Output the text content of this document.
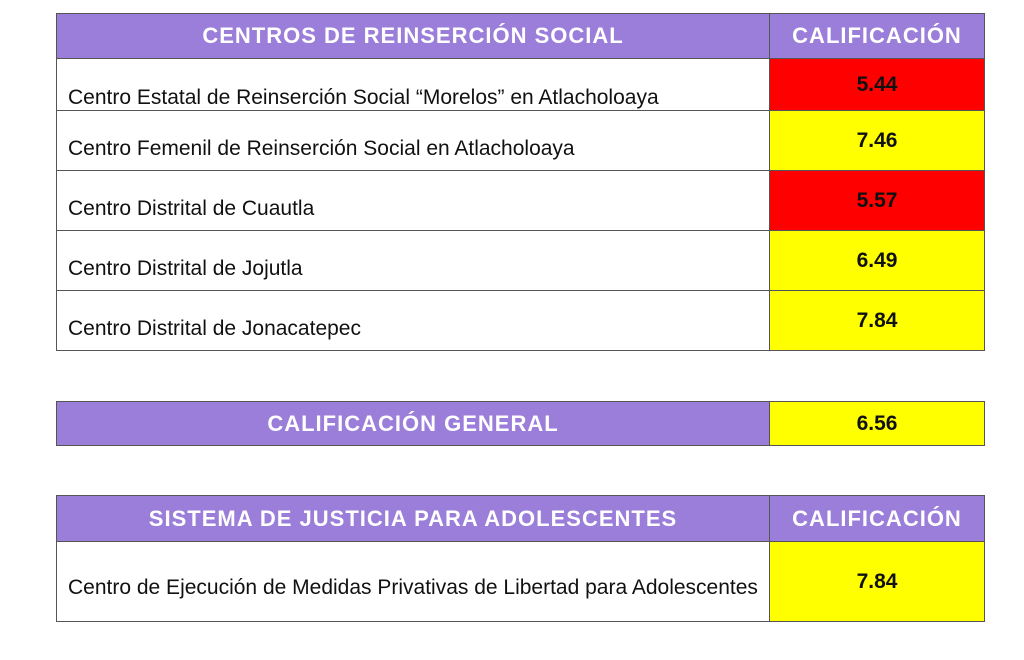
CENTROS DE REINSERCIÓN SOCIAL	CALIFICACIÓN
Centro Estatal de Reinserción Social “Morelos” en Atlacholoaya	5.44
Centro Femenil de Reinserción Social en Atlacholoaya	7.46
Centro Distrital de Cuautla	5.57
Centro Distrital de Jojutla	6.49
Centro Distrital de Jonacatepec	7.84
CALIFICACIÓN GENERAL	6.56
SISTEMA DE JUSTICIA PARA ADOLESCENTES	CALIFICACIÓN
Centro de Ejecución de Medidas Privativas de Libertad para Adolescentes	7.84
